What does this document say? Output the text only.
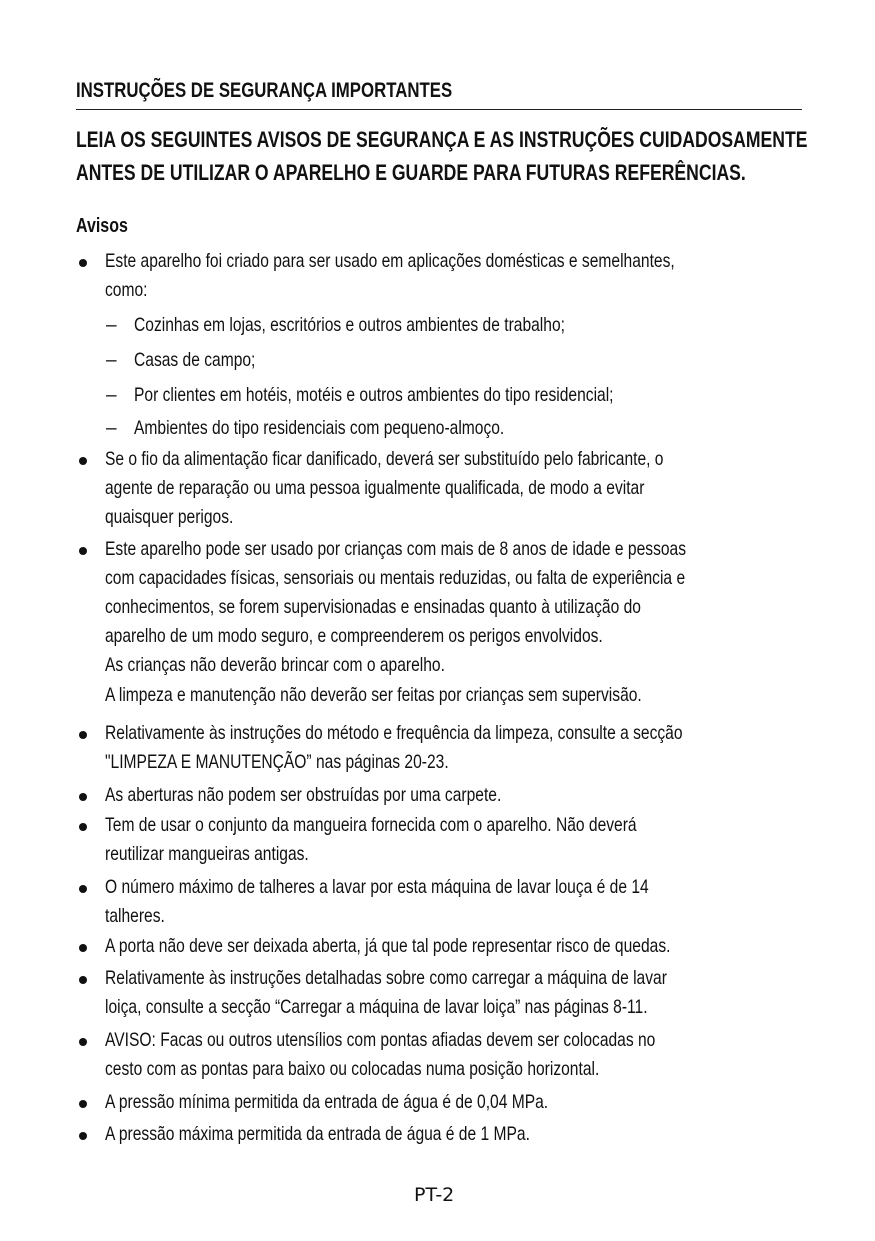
INSTRUÇÕES DE SEGURANÇA IMPORTANTES
LEIA OS SEGUINTES AVISOS DE SEGURANÇA E AS INSTRUÇÕES CUIDADOSAMENTE
ANTES DE UTILIZAR O APARELHO E GUARDE PARA FUTURAS REFERÊNCIAS.
Avisos
Este aparelho foi criado para ser usado em aplicações domésticas e semelhantes,
como:
– Cozinhas em lojas, escritórios e outros ambientes de trabalho;
– Casas de campo;
– Por clientes em hotéis, motéis e outros ambientes do tipo residencial;
– Ambientes do tipo residenciais com pequeno-almoço.
Se o fio da alimentação ficar danificado, deverá ser substituído pelo fabricante, o
agente de reparação ou uma pessoa igualmente qualificada, de modo a evitar
quaisquer perigos.
Este aparelho pode ser usado por crianças com mais de 8 anos de idade e pessoas
com capacidades físicas, sensoriais ou mentais reduzidas, ou falta de experiência e
conhecimentos, se forem supervisionadas e ensinadas quanto à utilização do
aparelho de um modo seguro, e compreenderem os perigos envolvidos.
As crianças não deverão brincar com o aparelho.
A limpeza e manutenção não deverão ser feitas por crianças sem supervisão.
Relativamente às instruções do método e frequência da limpeza, consulte a secção
"LIMPEZA E MANUTENÇÃO” nas páginas 20-23.
As aberturas não podem ser obstruídas por uma carpete.
Tem de usar o conjunto da mangueira fornecida com o aparelho. Não deverá
reutilizar mangueiras antigas.
O número máximo de talheres a lavar por esta máquina de lavar louça é de 14
talheres.
A porta não deve ser deixada aberta, já que tal pode representar risco de quedas.
Relativamente às instruções detalhadas sobre como carregar a máquina de lavar
loiça, consulte a secção “Carregar a máquina de lavar loiça” nas páginas 8-11.
AVISO: Facas ou outros utensílios com pontas afiadas devem ser colocadas no
cesto com as pontas para baixo ou colocadas numa posição horizontal.
A pressão mínima permitida da entrada de água é de 0,04 MPa.
A pressão máxima permitida da entrada de água é de 1 MPa.
PT-2
